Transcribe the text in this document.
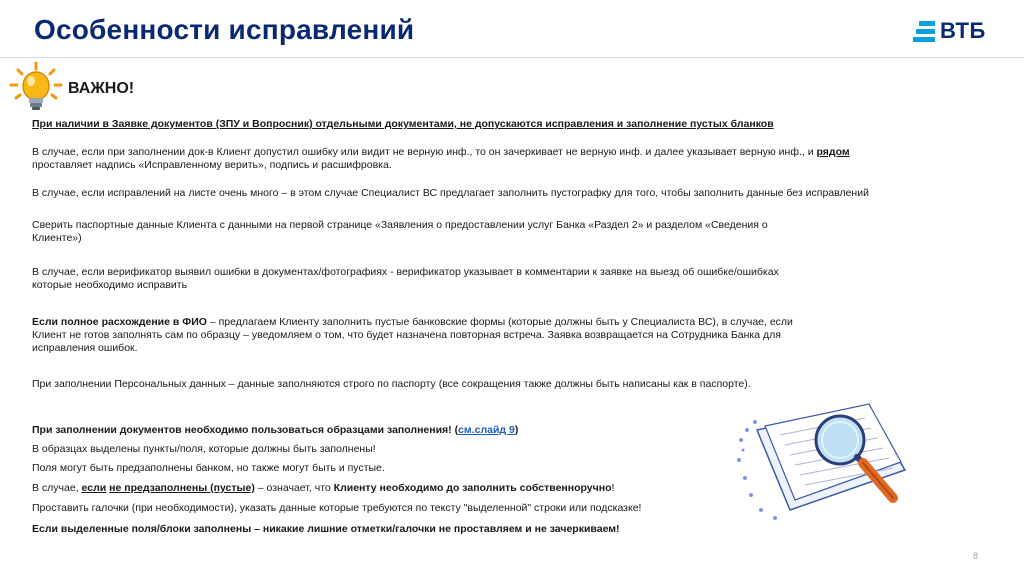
Особенности исправлений	ВТБ
ВАЖНО!
При наличии в Заявке документов (ЗПУ и Вопросник) отдельными документами, не допускаются исправления и заполнение пустых бланков
В случае, если при заполнении док-в Клиент допустил ошибку или видит не верную инф., то он зачеркивает не верную инф. и далее указывает верную инф., и рядом
проставляет надпись «Исправленному верить», подпись и расшифровка.
В случае, если исправлений на листе очень много – в этом случае Специалист ВС предлагает заполнить пустографку для того, чтобы заполнить данные без исправлений
Сверить паспортные данные Клиента с данными на первой странице «Заявления о предоставлении услуг Банка «Раздел 2» и разделом «Сведения о
Клиенте»)
В случае, если верификатор выявил ошибки в документах/фотографиях - верификатор указывает в комментарии к заявке на выезд об ошибке/ошибках
которые необходимо исправить
Если полное расхождение в ФИО – предлагаем Клиенту заполнить пустые банковские формы (которые должны быть у Специалиста ВС), в случае, если
Клиент не готов заполнять сам по образцу – уведомляем о том, что будет назначена повторная встреча. Заявка возвращается на Сотрудника Банка для
исправления ошибок.
При заполнении Персональных данных – данные заполняются строго по паспорту (все сокращения также должны быть написаны как в паспорте).
При заполнении документов необходимо пользоваться образцами заполнения! (см.слайд 9)
В образцах выделены пункты/поля, которые должны быть заполнены!
Поля могут быть предзаполнены банком, но также могут быть и пустые.
В случае, если не предзаполнены (пустые) – означает, что Клиенту необходимо до заполнить собственноручно!
Проставить галочки (при необходимости), указать данные которые требуются по тексту "выделенной" строки или подсказке!
Если выделенные поля/блоки заполнены – никакие лишние отметки/галочки не проставляем и не зачеркиваем!
8
